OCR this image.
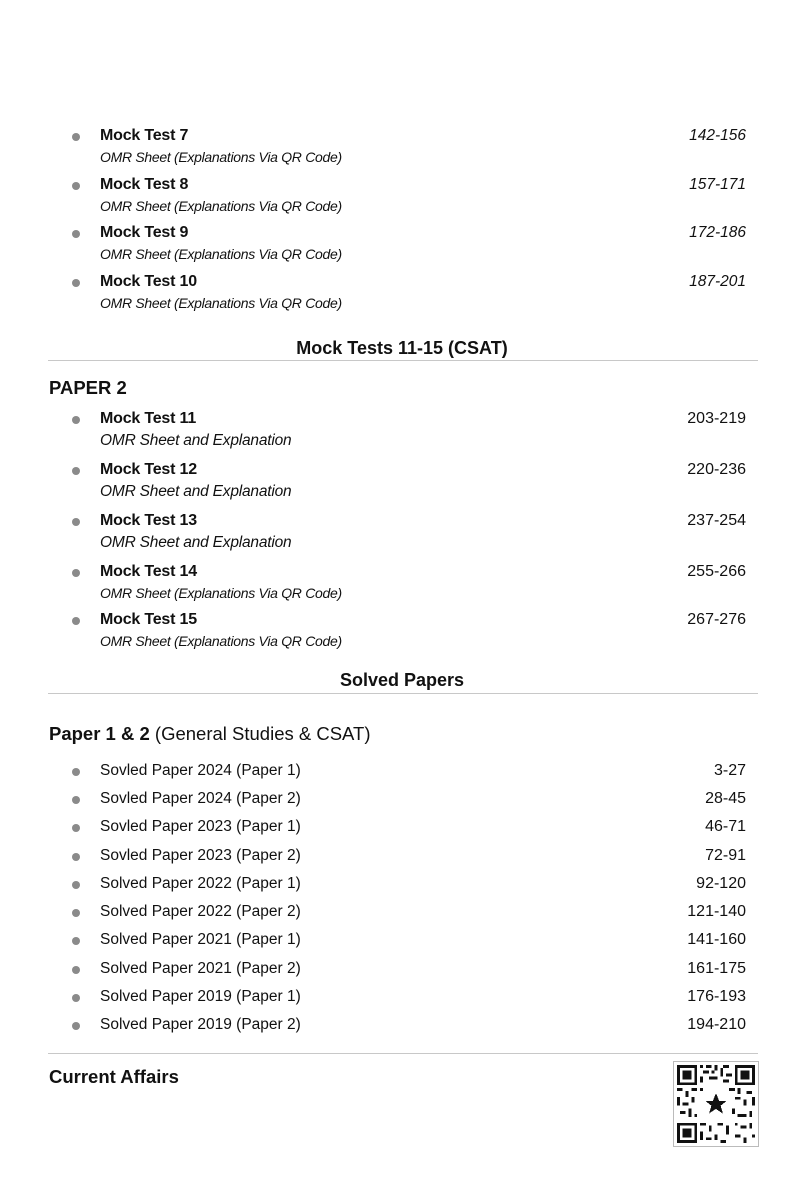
Mock Test 7
OMR Sheet (Explanations Via QR Code)
142-156
Mock Test 8
OMR Sheet (Explanations Via QR Code)
157-171
Mock Test 9
OMR Sheet (Explanations Via QR Code)
172-186
Mock Test 10
OMR Sheet (Explanations Via QR Code)
187-201
Mock Tests 11-15 (CSAT)
PAPER 2
Mock Test 11
OMR Sheet and Explanation
203-219
Mock Test 12
OMR Sheet and Explanation
220-236
Mock Test 13
OMR Sheet and Explanation
237-254
Mock Test 14
OMR Sheet (Explanations Via QR Code)
255-266
Mock Test 15
OMR Sheet (Explanations Via QR Code)
267-276
Solved Papers
Paper 1 & 2 (General Studies & CSAT)
Sovled Paper 2024 (Paper 1)	3-27
Sovled Paper 2024 (Paper 2)	28-45
Sovled Paper 2023 (Paper 1)	46-71
Sovled Paper 2023 (Paper 2)	72-91
Solved Paper 2022 (Paper 1)	92-120
Solved Paper 2022 (Paper 2)	121-140
Solved Paper 2021 (Paper 1)	141-160
Solved Paper 2021 (Paper 2)	161-175
Solved Paper 2019 (Paper 1)	176-193
Solved Paper 2019 (Paper 2)	194-210
Current Affairs
